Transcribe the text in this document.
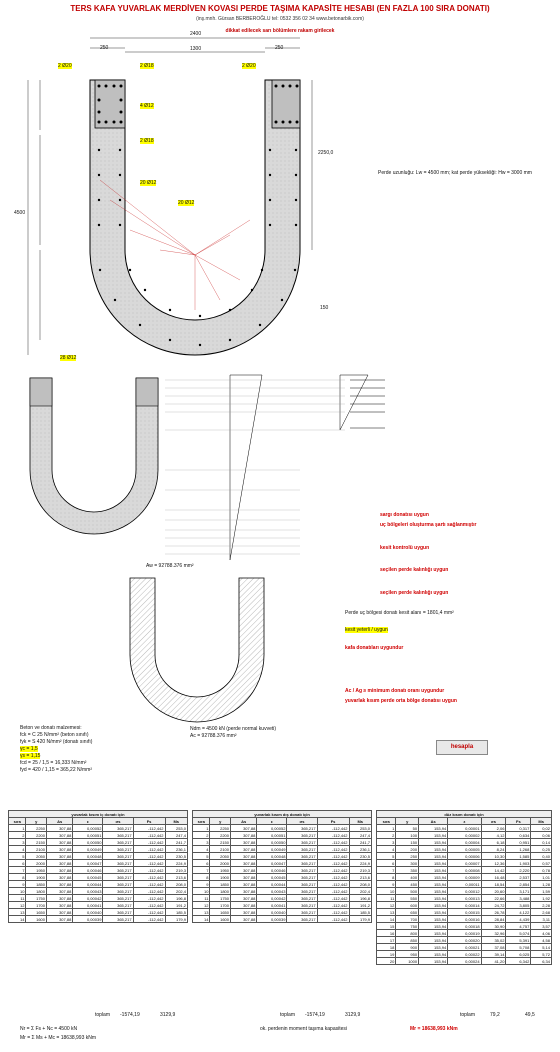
TERS KAFA YUVARLAK MERDİVEN KOVASI PERDE TAŞIMA KAPASİTE HESABI (EN FAZLA 100 SIRA DONATI)
(inş.mnh. Gürsan BERBEROĞLU tel: 0532 356 02 34 www.betonarbik.com)
dikkat edilecek sarı bölümlere rakam girilecek
2 Ø20	2 Ø18	2 Ø20
4 Ø12
2 Ø18
20 Ø12
20 Ø12
28 Ø12
2400
1300
250	250
4500
2250,0
150
Perde uzunluğu: Lw = 4500 mm; kat perde yüksekliği: Hw = 3000 mm
Aw = 92788.376 mm²
Perde uç bölgesi donatı kesit alanı = 1801,4 mm²
kesit yeterli / uygun
sargı donatısı uygun
kesit kontrolü uygun
uç bölgeleri oluşturma şartı sağlanmıştır
seçilen perde kalınlığı uygun
seçilen perde kalınlığı uygun
kafa donatıları uygundur
Ac / Ag ≥ minimum donatı oranı uygundur
yuvarlak kısım perde orta bölge donatısı uygun
Beton ve donatı malzemesi:
fck = C 25 N/mm² (beton sınıfı)
fyk = S 420 N/mm² (donatı sınıfı)
γc = 1,5
γs = 1,15
fcd = 25 / 1,5 = 16,333 N/mm²
fyd = 420 / 1,15 = 365,22 N/mm²
Ndm = 4500 kN (perde normal kuvveti)
Ac = 92788.376 mm²
hesapla
yuvarlak kısım iç donatı için						
sıra	y	As	ε	σs	Fs	Ms
1	2250	307,88	0,00052	365,217	-112,442	253,0
2	2200	307,88	0,00051	365,217	-112,442	247,4
3	2150	307,88	0,00050	365,217	-112,442	241,7
4	2100	307,88	0,00049	365,217	-112,442	236,1
5	2050	307,88	0,00048	365,217	-112,442	230,5
6	2000	307,88	0,00047	365,217	-112,442	224,9
7	1950	307,88	0,00046	365,217	-112,442	219,3
8	1900	307,88	0,00045	365,217	-112,442	213,6
9	1850	307,88	0,00044	365,217	-112,442	208,0
10	1800	307,88	0,00043	365,217	-112,442	202,4
11	1750	307,88	0,00042	365,217	-112,442	196,8
12	1700	307,88	0,00041	365,217	-112,442	191,2
13	1650	307,88	0,00040	365,217	-112,442	185,5
14	1600	307,88	0,00039	365,217	-112,442	179,9
yuvarlak kısım dış donatı için						
sıra	y	As	ε	σs	Fs	Ms
1	2250	307,88	0,00052	365,217	-112,442	253,0
2	2200	307,88	0,00051	365,217	-112,442	247,4
3	2150	307,88	0,00050	365,217	-112,442	241,7
4	2100	307,88	0,00049	365,217	-112,442	236,1
5	2050	307,88	0,00048	365,217	-112,442	230,5
6	2000	307,88	0,00047	365,217	-112,442	224,9
7	1950	307,88	0,00046	365,217	-112,442	219,3
8	1900	307,88	0,00045	365,217	-112,442	213,6
9	1850	307,88	0,00044	365,217	-112,442	208,0
10	1800	307,88	0,00043	365,217	-112,442	202,4
11	1750	307,88	0,00042	365,217	-112,442	196,8
12	1700	307,88	0,00041	365,217	-112,442	191,2
13	1650	307,88	0,00040	365,217	-112,442	185,5
14	1600	307,88	0,00039	365,217	-112,442	179,9
düz kısım donatı için						
sıra	y	As	ε	σs	Fs	Ms
1	50	153,94	0,00001	2,06	0,317	0,02
2	100	153,94	0,00002	4,12	0,634	0,06
3	150	153,94	0,00004	6,18	0,951	0,14
4	200	153,94	0,00005	8,24	1,268	0,25
5	250	153,94	0,00006	10,30	1,585	0,40
6	300	153,94	0,00007	12,36	1,903	0,57
7	350	153,94	0,00008	14,42	2,220	0,78
8	400	153,94	0,00009	16,48	2,537	1,01
9	450	153,94	0,00011	18,54	2,854	1,28
10	500	153,94	0,00012	20,60	3,171	1,59
11	550	153,94	0,00013	22,66	3,488	1,92
12	600	153,94	0,00014	24,72	3,805	2,28
13	650	153,94	0,00015	26,78	4,122	2,68
14	700	153,94	0,00016	28,84	4,439	3,11
15	750	153,94	0,00018	30,90	4,757	3,57
16	800	153,94	0,00019	32,96	5,074	4,06
17	850	153,94	0,00020	35,02	5,391	4,58
18	900	153,94	0,00021	37,08	5,708	5,14
19	950	153,94	0,00022	39,14	6,025	5,72
20	1000	153,94	0,00024	41,20	6,342	6,34
toplam -1574,19	3129,9	toplam -1574,19	3129,9	toplam	79,2	49,5
Nr = Σ Fs + Nc = 4500 kN
Mr = Σ Ms + Mc = 18638,993 kNm
ok. perdenin moment taşıma kapasitesi	Mr = 18638,993 kNm
